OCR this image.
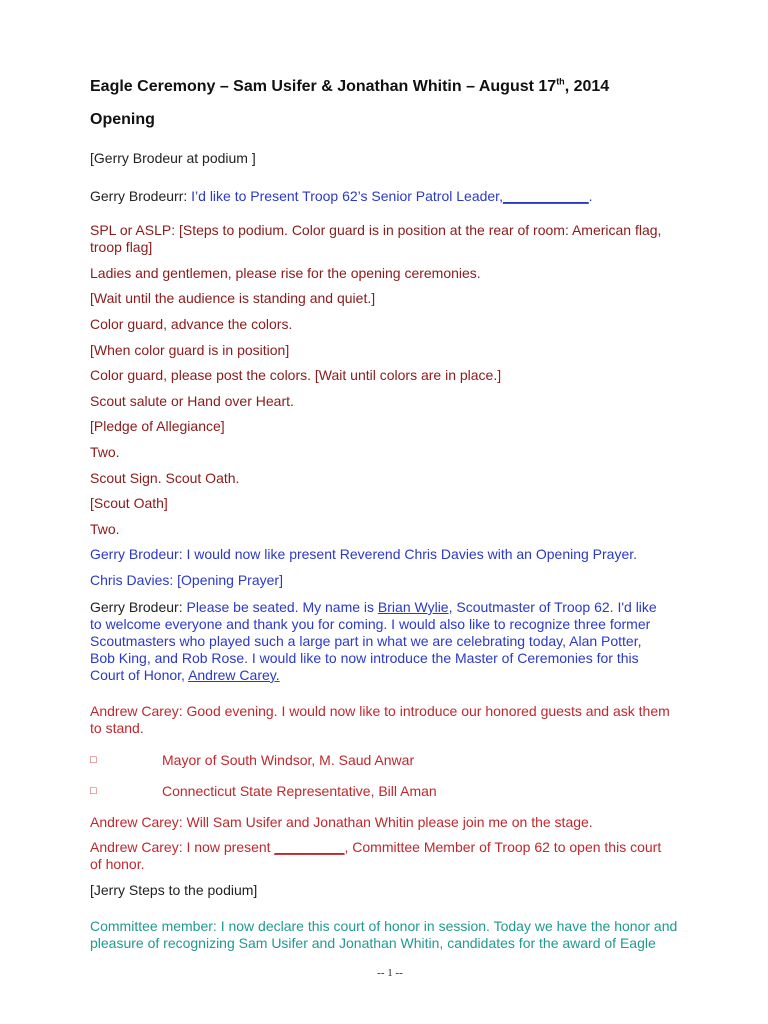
Eagle Ceremony – Sam Usifer & Jonathan Whitin – August 17th, 2014
Opening
[Gerry Brodeur at podium ]
Gerry Brodeurr: I’d like to Present Troop 62’s Senior Patrol Leader,___________.
SPL or ASLP: [Steps to podium. Color guard is in position at the rear of room: American flag,
troop flag]
Ladies and gentlemen, please rise for the opening ceremonies.
[Wait until the audience is standing and quiet.]
Color guard, advance the colors.
[When color guard is in position]
Color guard, please post the colors. [Wait until colors are in place.]
Scout salute or Hand over Heart.
[Pledge of Allegiance]
Two.
Scout Sign. Scout Oath.
[Scout Oath]
Two.
Gerry Brodeur: I would now like present Reverend Chris Davies with an Opening Prayer.
Chris Davies: [Opening Prayer]
Gerry Brodeur: Please be seated. My name is Brian Wylie, Scoutmaster of Troop 62. I'd like
to welcome everyone and thank you for coming. I would also like to recognize three former
Scoutmasters who played such a large part in what we are celebrating today, Alan Potter,
Bob King, and Rob Rose. I would like to now introduce the Master of Ceremonies for this
Court of Honor, Andrew Carey.
Andrew Carey: Good evening. I would now like to introduce our honored guests and ask them
to stand.
□	Mayor of South Windsor, M. Saud Anwar
□	Connecticut State Representative, Bill Aman
Andrew Carey: Will Sam Usifer and Jonathan Whitin please join me on the stage.
Andrew Carey: I now present _________, Committee Member of Troop 62 to open this court
of honor.
[Jerry Steps to the podium]
Committee member: I now declare this court of honor in session. Today we have the honor and
pleasure of recognizing Sam Usifer and Jonathan Whitin, candidates for the award of Eagle
-- 1 --
